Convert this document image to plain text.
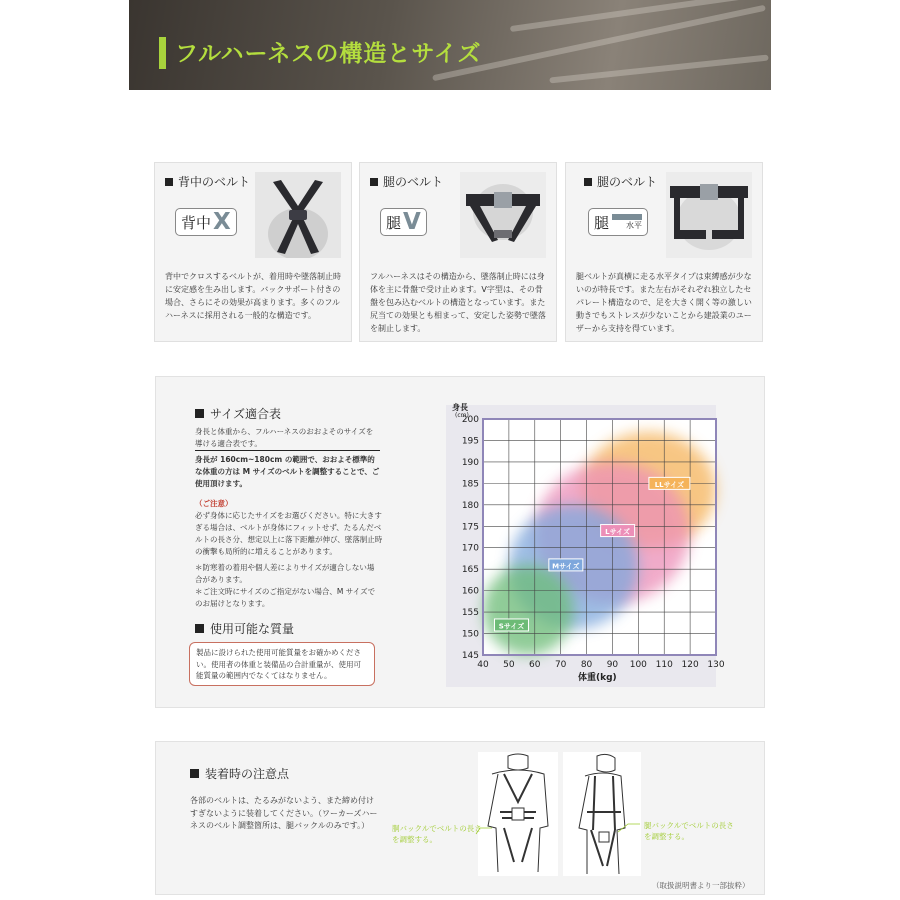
フルハーネスの構造とサイズ
背中のベルト
背中 X
背中でクロスするベルトが、着用時や墜落制止時に安定感を生み出します。バックサポート付きの場合、さらにその効果が高まります。多くのフルハーネスに採用される一般的な構造です。
腿のベルト
腿 V
フルハーネスはその構造から、墜落制止時には身体を主に骨盤で受け止めます。V字型は、その骨盤を包み込むベルトの構造となっています。また尻当ての効果とも相まって、安定した姿勢で墜落を制止します。
腿のベルト
腿	水平
腿ベルトが真横に走る水平タイプは束縛感が少ないのが特長です。また左右がそれぞれ独立したセパレート構造なので、足を大きく開く等の激しい動きでもストレスが少ないことから建設業のユーザーから支持を得ています。
サイズ適合表
身長と体重から、フルハーネスのおおよそのサイズを導ける適合表です。
身長が 160cm~180cm の範囲で、おおよそ標準的な体重の方は M サイズのベルトを調整することで、ご使用頂けます。
（ご注意）
必ず身体に応じたサイズをお選びください。特に大きすぎる場合は、ベルトが身体にフィットせず、たるんだベルトの長さ分、想定以上に落下距離が伸び、墜落制止時の衝撃も局所的に増えることがあります。
＊防寒着の着用や個人差によりサイズが適合しない場合があります。
＊ご注文時にサイズのご指定がない場合、M サイズでのお届けとなります。
使用可能な質量
製品に設けられた使用可能質量をお確かめください。使用者の体重と装備品の合計重量が、使用可能質量の範囲内でなくてはなりません。
LLサイズ
Lサイズ
Mサイズ
Sサイズ
40 50 60 70 80 90 100 110 120 130
145
150
155
160
165
170
175
180
185
190
195
200
身長
(cm)
体重(kg)
装着時の注意点
各部のベルトは、たるみがないよう、また締め付けすぎないように装着してください。（ワーカーズハーネスのベルト調整箇所は、腿バックルのみです。）	胴バックルでベルトの長さを調整する。
腿バックルでベルトの長さを調整する。
（取扱説明書より一部抜粋）
